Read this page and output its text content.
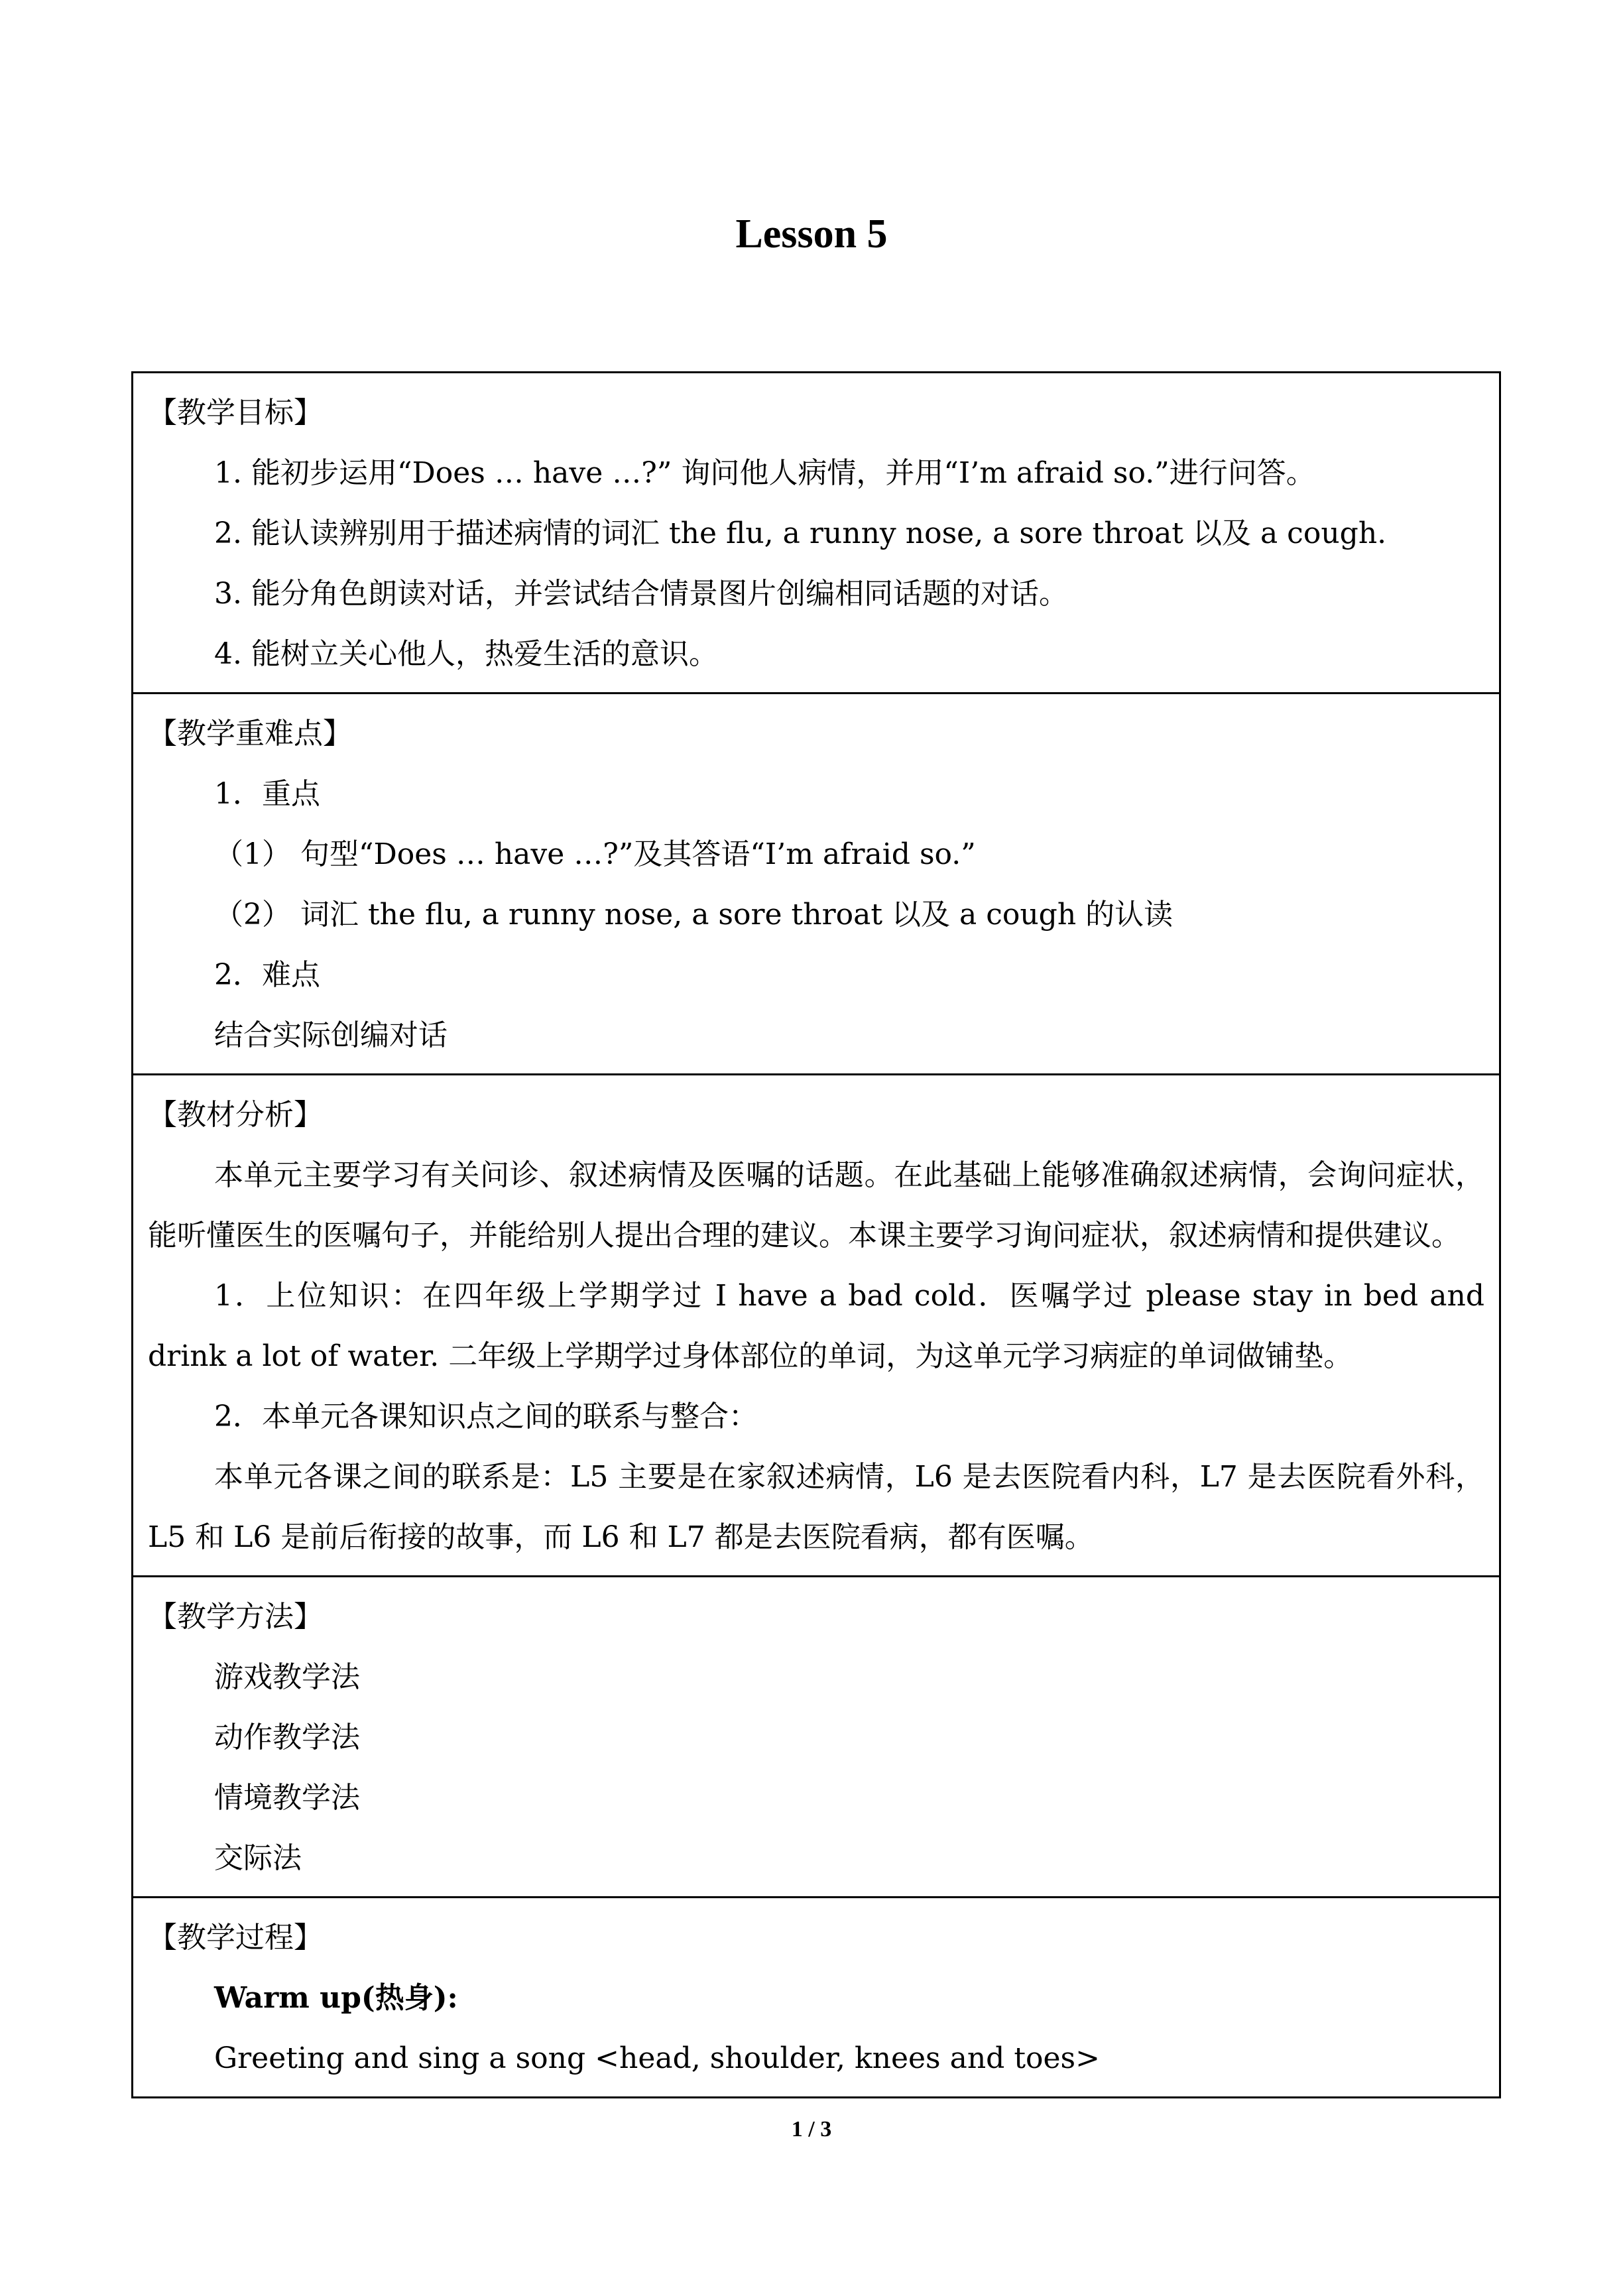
Lesson 5
【教学目标】
1. 能初步运用“Does … have …?” 询问他人病情，并用“I’m afraid so.”进行问答。
2. 能认读辨别用于描述病情的词汇 the flu, a runny nose, a sore throat 以及 a cough.
3. 能分角色朗读对话，并尝试结合情景图片创编相同话题的对话。
4. 能树立关心他人，热爱生活的意识。

【教学重难点】
1．重点
（1） 句型“Does … have …?”及其答语“I’m afraid so.”
（2） 词汇 the flu, a runny nose, a sore throat 以及 a cough 的认读
2．难点
结合实际创编对话

【教材分析】
本单元主要学习有关问诊、叙述病情及医嘱的话题。在此基础上能够准确叙述病情，会询问症状，能听懂医生的医嘱句子，并能给别人提出合理的建议。本课主要学习询问症状，叙述病情和提供建议。
1．上位知识：在四年级上学期学过 I have a bad cold．医嘱学过 please stay in bed and drink a lot of water. 二年级上学期学过身体部位的单词，为这单元学习病症的单词做铺垫。
2．本单元各课知识点之间的联系与整合：
本单元各课之间的联系是：L5 主要是在家叙述病情，L6 是去医院看内科，L7 是去医院看外科，L5 和 L6 是前后衔接的故事，而 L6 和 L7 都是去医院看病，都有医嘱。

【教学方法】
游戏教学法
动作教学法
情境教学法
交际法

【教学过程】
Warm up(热身):
Greeting and sing a song <head, shoulder, knees and toes>
1 / 3
